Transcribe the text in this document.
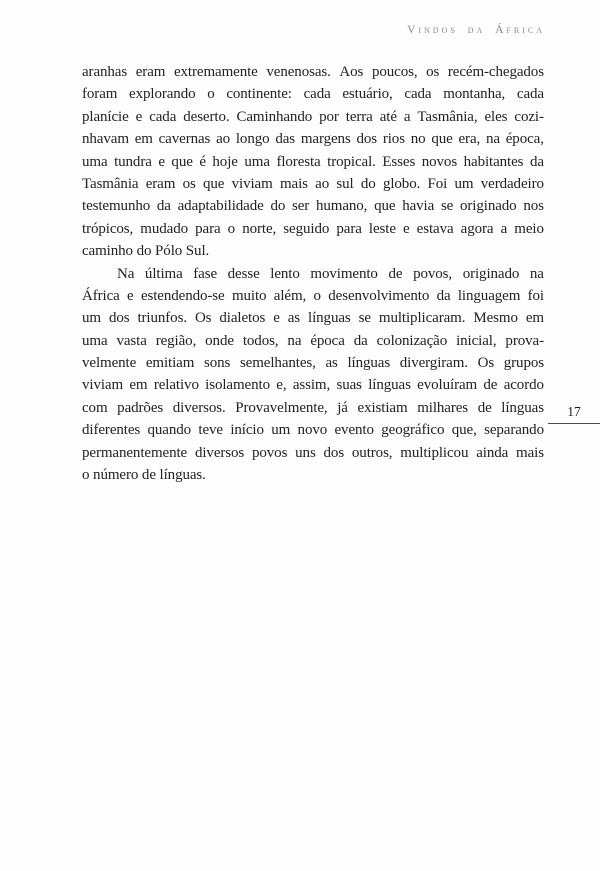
Vindos da África
17
aranhas eram extremamente venenosas. Aos poucos, os recém-chegados
foram explorando o continente: cada estuário, cada montanha, cada
planície e cada deserto. Caminhando por terra até a Tasmânia, eles cozi-
nhavam em cavernas ao longo das margens dos rios no que era, na época,
uma tundra e que é hoje uma floresta tropical. Esses novos habitantes da
Tasmânia eram os que viviam mais ao sul do globo. Foi um verdadeiro
testemunho da adaptabilidade do ser humano, que havia se originado nos
trópicos, mudado para o norte, seguido para leste e estava agora a meio
caminho do Pólo Sul.
Na última fase desse lento movimento de povos, originado na
África e estendendo-se muito além, o desenvolvimento da linguagem foi
um dos triunfos. Os dialetos e as línguas se multiplicaram. Mesmo em
uma vasta região, onde todos, na época da colonização inicial, prova-
velmente emitiam sons semelhantes, as línguas divergiram. Os grupos
viviam em relativo isolamento e, assim, suas línguas evoluíram de acordo
com padrões diversos. Provavelmente, já existiam milhares de línguas
diferentes quando teve início um novo evento geográfico que, separando
permanentemente diversos povos uns dos outros, multiplicou ainda mais
o número de línguas.
